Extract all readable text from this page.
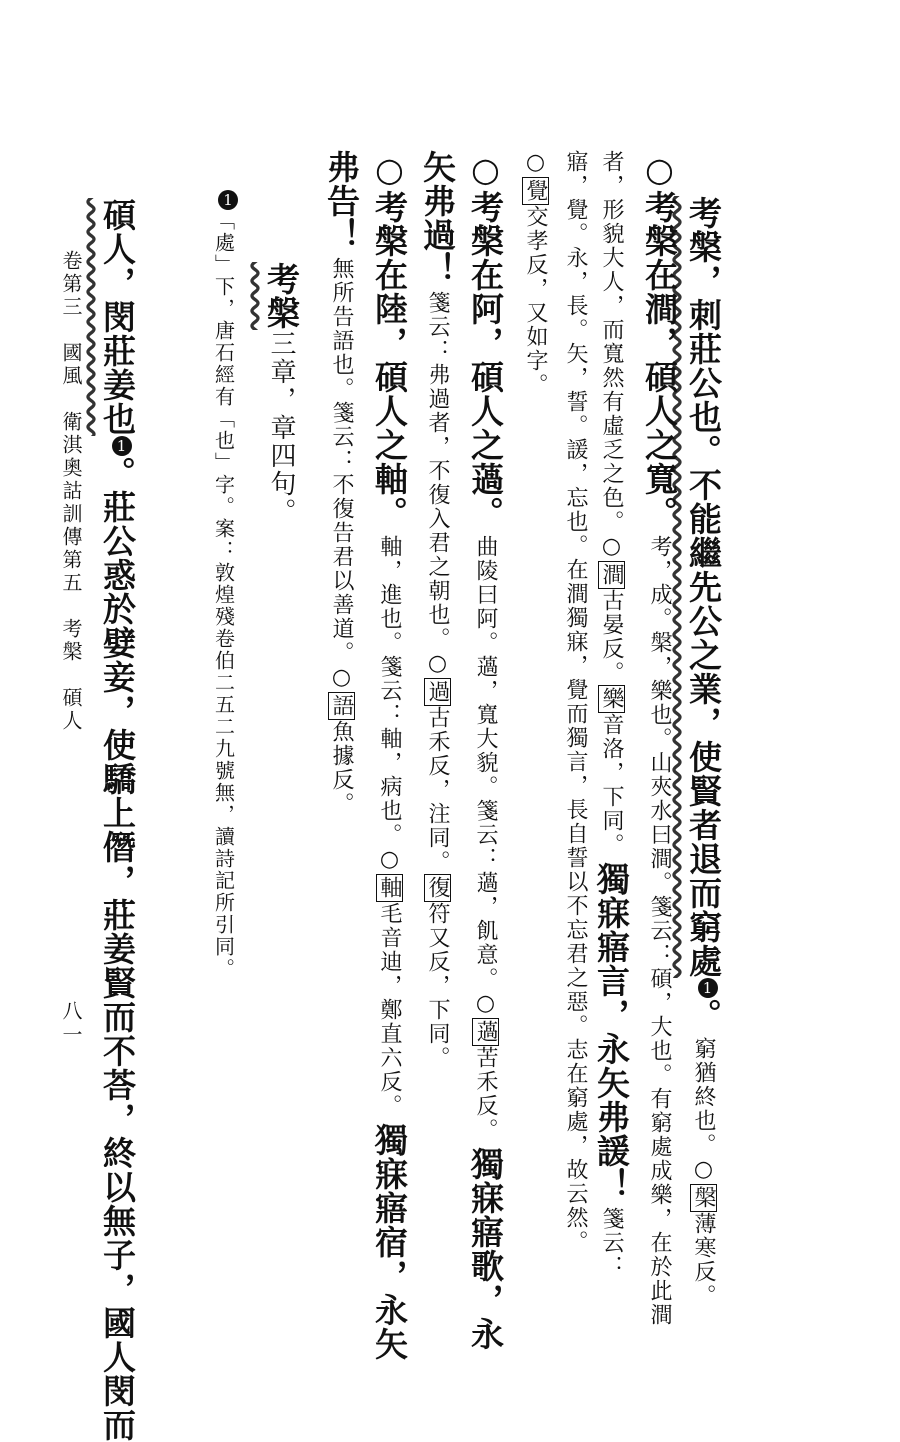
考槃，刺莊公也。不能繼先公之業，使賢者退而窮處1。 窮猶終也。○槃薄寒反。
○考槃在澗，碩人之寬。 考，成。槃，樂也。山夾水曰澗。箋云：碩，大也。有窮處成樂，在於此澗
者，形貌大人，而寬然有虛乏之色。○澗古晏反。樂音洛，下同。 獨寐寤言，永矢弗諼！ 箋云：
寤，覺。永，長。矢，誓。諼，忘也。在澗獨寐，覺而獨言，長自誓以不忘君之惡。志在窮處，故云然。
○覺交孝反，又如字。
○考槃在阿，碩人之薖。 曲陵曰阿。薖，寬大貌。箋云：薖，飢意。○薖苦禾反。 獨寐寤歌，永
矢弗過！ 箋云：弗過者，不復入君之朝也。○過古禾反，注同。復符又反，下同。
○考槃在陸，碩人之軸。 軸，進也。箋云：軸，病也。○軸毛音迪，鄭直六反。 獨寐寤宿，永矢
弗告！ 無所告語也。箋云：不復告君以善道。○語魚據反。
考槃三章，章四句。
1「處」下，唐石經有「也」字。案：敦煌殘卷伯二五二九號無，讀詩記所引同。
碩人，閔莊姜也1。莊公惑於嬖妾，使驕上僭，莊姜賢而不荅，終以無子，國人閔而
卷第三　國風　衛淇奧詁訓傳第五　考槃　碩人
八一
